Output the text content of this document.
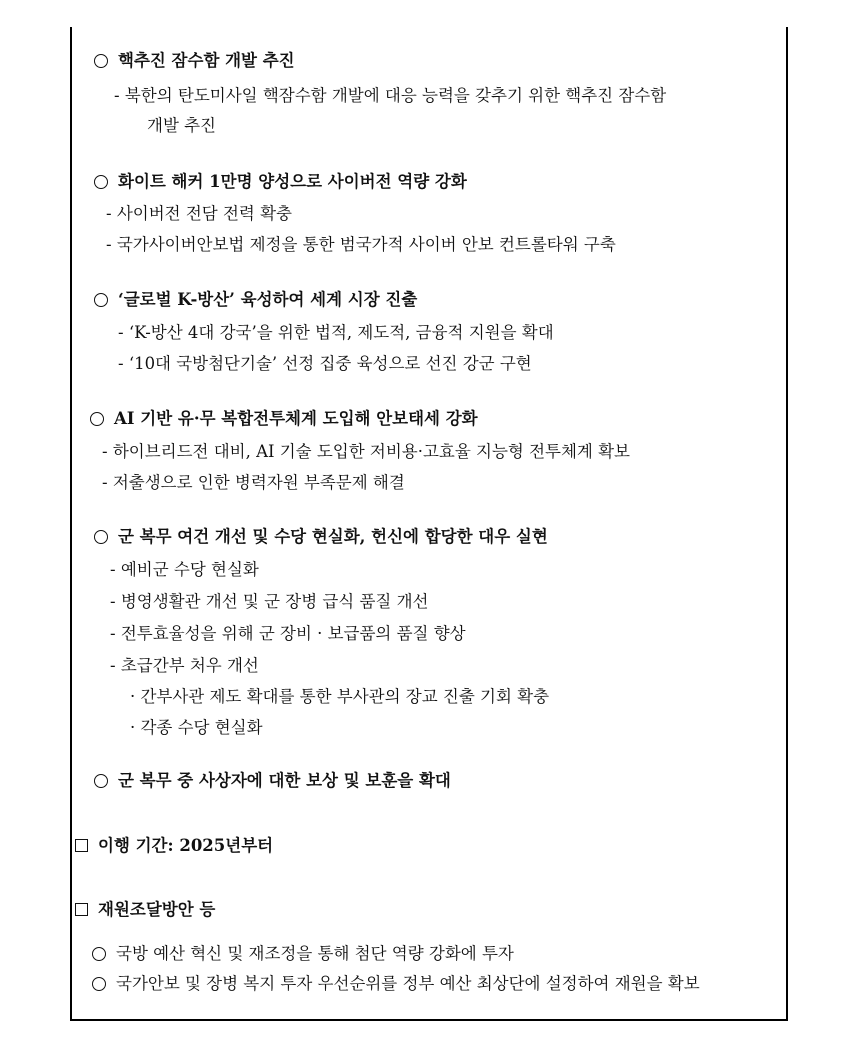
핵추진 잠수함 개발 추진
- 북한의 탄도미사일 핵잠수함 개발에 대응 능력을 갖추기 위한 핵추진 잠수함
개발 추진
화이트 해커 1만명 양성으로 사이버전 역량 강화
- 사이버전 전담 전력 확충
- 국가사이버안보법 제정을 통한 범국가적 사이버 안보 컨트롤타워 구축
‘글로벌 K-방산’ 육성하여 세계 시장 진출
- ‘K-방산 4대 강국’을 위한 법적, 제도적, 금융적 지원을 확대
- ‘10대 국방첨단기술’ 선정 집중 육성으로 선진 강군 구현
AI 기반 유·무 복합전투체계 도입해 안보태세 강화
- 하이브리드전 대비, AI 기술 도입한 저비용·고효율 지능형 전투체계 확보
- 저출생으로 인한 병력자원 부족문제 해결
군 복무 여건 개선 및 수당 현실화, 헌신에 합당한 대우 실현
- 예비군 수당 현실화
- 병영생활관 개선 및 군 장병 급식 품질 개선
- 전투효율성을 위해 군 장비 · 보급품의 품질 향상
- 초급간부 처우 개선
· 간부사관 제도 확대를 통한 부사관의 장교 진출 기회 확충
· 각종 수당 현실화
군 복무 중 사상자에 대한 보상 및 보훈을 확대
이행 기간: 2025년부터
재원조달방안 등
국방 예산 혁신 및 재조정을 통해 첨단 역량 강화에 투자
국가안보 및 장병 복지 투자 우선순위를 정부 예산 최상단에 설정하여 재원을 확보
